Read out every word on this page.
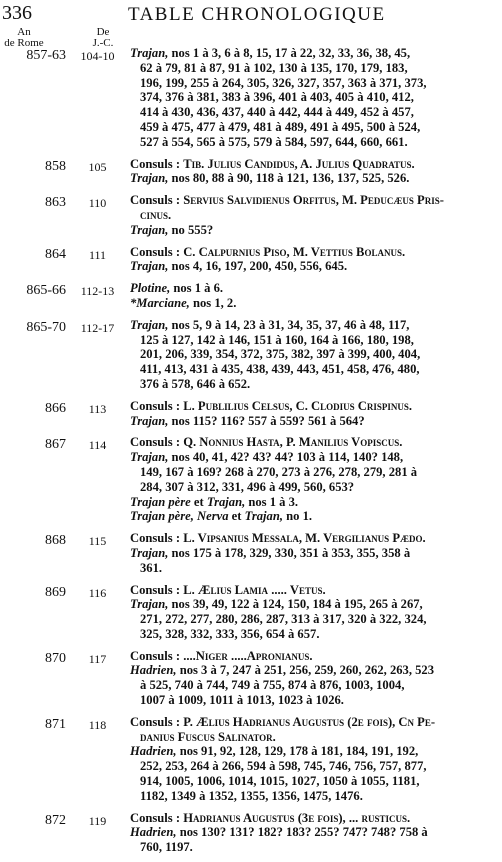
336	TABLE CHRONOLOGIQUE
An
de Rome
De
J.-C.
857-63	104-10	Trajan, nos 1 à 3, 6 à 8, 15, 17 à 22, 32, 33, 36, 38, 45,
62 à 79, 81 à 87, 91 à 102, 130 à 135, 170, 179, 183,
196, 199, 255 à 264, 305, 326, 327, 357, 363 à 371, 373,
374, 376 à 381, 383 à 396, 401 à 403, 405 à 410, 412,
414 à 430, 436, 437, 440 à 442, 444 à 449, 452 à 457,
459 à 475, 477 à 479, 481 à 489, 491 à 495, 500 à 524,
527 à 554, 565 à 575, 579 à 584, 597, 644, 660, 661.
858	105	Consuls : Tib. Julius Candidus, A. Julius Quadratus.
Trajan, nos 80, 88 à 90, 118 à 121, 136, 137, 525, 526.
863	110	Consuls : Servius Salvidienus Orfitus, M. Peducæus Pris-
cinus.
Trajan, no 555?
864	111	Consuls : C. Calpurnius Piso, M. Vettius Bolanus.
Trajan, nos 4, 16, 197, 200, 450, 556, 645.
865-66	112-13	Plotine, nos 1 à 6.
*Marciane, nos 1, 2.
865-70	112-17	Trajan, nos 5, 9 à 14, 23 à 31, 34, 35, 37, 46 à 48, 117,
125 à 127, 142 à 146, 151 à 160, 164 à 166, 180, 198,
201, 206, 339, 354, 372, 375, 382, 397 à 399, 400, 404,
411, 413, 431 à 435, 438, 439, 443, 451, 458, 476, 480,
376 à 578, 646 à 652.
866	113	Consuls : L. Publilius Celsus, C. Clodius Crispinus.
Trajan, nos 115? 116? 557 à 559? 561 à 564?
867	114	Consuls : Q. Nonnius Hasta, P. Manilius Vopiscus.
Trajan, nos 40, 41, 42? 43? 44? 103 à 114, 140? 148,
149, 167 à 169? 268 à 270, 273 à 276, 278, 279, 281 à
284, 307 à 312, 331, 496 à 499, 560, 653?
Trajan père et Trajan, nos 1 à 3.
Trajan père, Nerva et Trajan, no 1.
868	115	Consuls : L. Vipsanius Messala, M. Vergilianus Pædo.
Trajan, nos 175 à 178, 329, 330, 351 à 353, 355, 358 à
361.
869	116	Consuls : L. Ælius Lamia ..... Vetus.
Trajan, nos 39, 49, 122 à 124, 150, 184 à 195, 265 à 267,
271, 272, 277, 280, 286, 287, 313 à 317, 320 à 322, 324,
325, 328, 332, 333, 356, 654 à 657.
870	117	Consuls : ....Niger .....Apronianus.
Hadrien, nos 3 à 7, 247 à 251, 256, 259, 260, 262, 263, 523
à 525, 740 à 744, 749 à 755, 874 à 876, 1003, 1004,
1007 à 1009, 1011 à 1013, 1023 à 1026.
871	118	Consuls : P. Ælius Hadrianus Augustus (2e fois), Cn Pe-
danius Fuscus Salinator.
Hadrien, nos 91, 92, 128, 129, 178 à 181, 184, 191, 192,
252, 253, 264 à 266, 594 à 598, 745, 746, 756, 757, 877,
914, 1005, 1006, 1014, 1015, 1027, 1050 à 1055, 1181,
1182, 1349 à 1352, 1355, 1356, 1475, 1476.
872	119	Consuls : Hadrianus Augustus (3e fois), ... rusticus.
Hadrien, nos 130? 131? 182? 183? 255? 747? 748? 758 à
760, 1197.
